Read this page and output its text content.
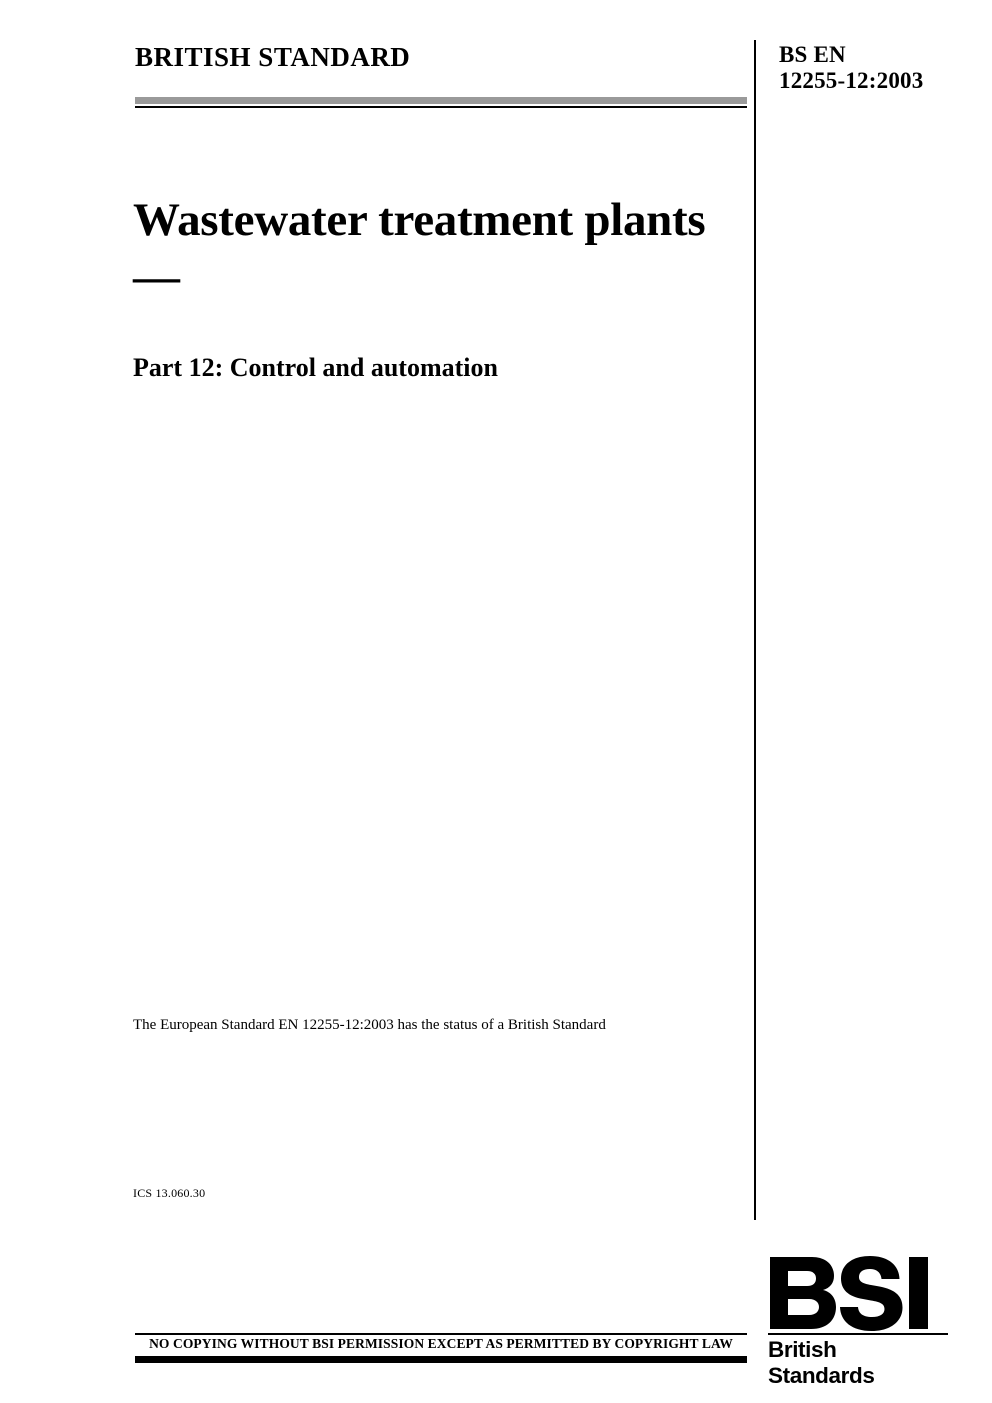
BRITISH STANDARD	BS EN
12255-12:2003
Wastewater treatment plants —
Part 12: Control and automation
The European Standard EN 12255-12:2003 has the status of a British Standard
ICS 13.060.30
NO COPYING WITHOUT BSI PERMISSION EXCEPT AS PERMITTED BY COPYRIGHT LAW	British Standards
